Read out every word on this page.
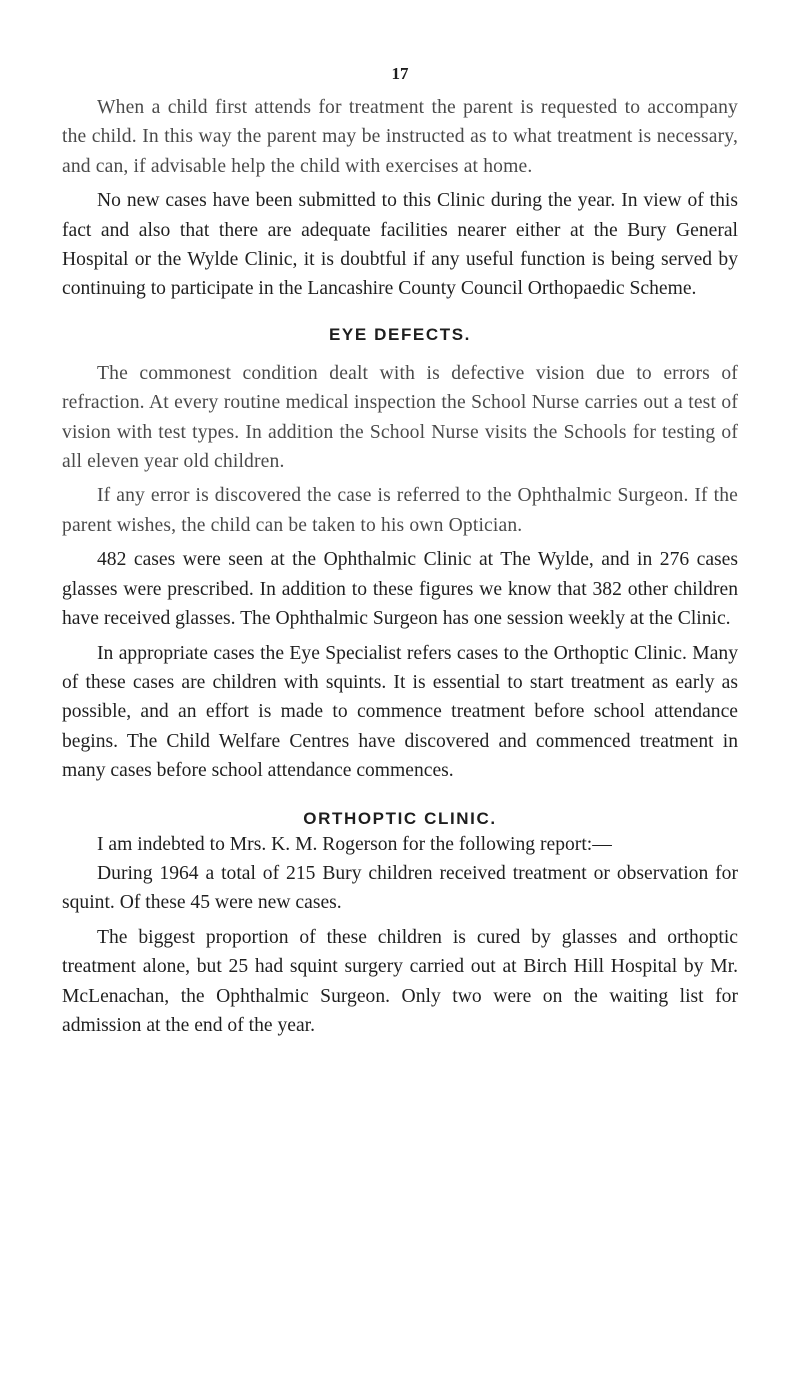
17

When a child first attends for treatment the parent is requested to accompany the child. In this way the parent may be instructed as to what treatment is necessary, and can, if advisable help the child with exercises at home.

No new cases have been submitted to this Clinic during the year. In view of this fact and also that there are adequate facilities nearer either at the Bury General Hospital or the Wylde Clinic, it is doubtful if any useful function is being served by continuing to participate in the Lancashire County Council Orthopaedic Scheme.

EYE DEFECTS.

The commonest condition dealt with is defective vision due to errors of refraction. At every routine medical inspection the School Nurse carries out a test of vision with test types. In addition the School Nurse visits the Schools for testing of all eleven year old children.

If any error is discovered the case is referred to the Ophthalmic Surgeon. If the parent wishes, the child can be taken to his own Optician.

482 cases were seen at the Ophthalmic Clinic at The Wylde, and in 276 cases glasses were prescribed. In addition to these figures we know that 382 other children have received glasses. The Ophthalmic Surgeon has one session weekly at the Clinic.

In appropriate cases the Eye Specialist refers cases to the Orthoptic Clinic. Many of these cases are children with squints. It is essential to start treatment as early as possible, and an effort is made to commence treatment before school attendance begins. The Child Welfare Centres have discovered and commenced treatment in many cases before school attendance commences.

ORTHOPTIC CLINIC.

I am indebted to Mrs. K. M. Rogerson for the following report:—

During 1964 a total of 215 Bury children received treatment or observation for squint. Of these 45 were new cases.

The biggest proportion of these children is cured by glasses and orthoptic treatment alone, but 25 had squint surgery carried out at Birch Hill Hospital by Mr. McLenachan, the Ophthalmic Surgeon. Only two were on the waiting list for admission at the end of the year.
